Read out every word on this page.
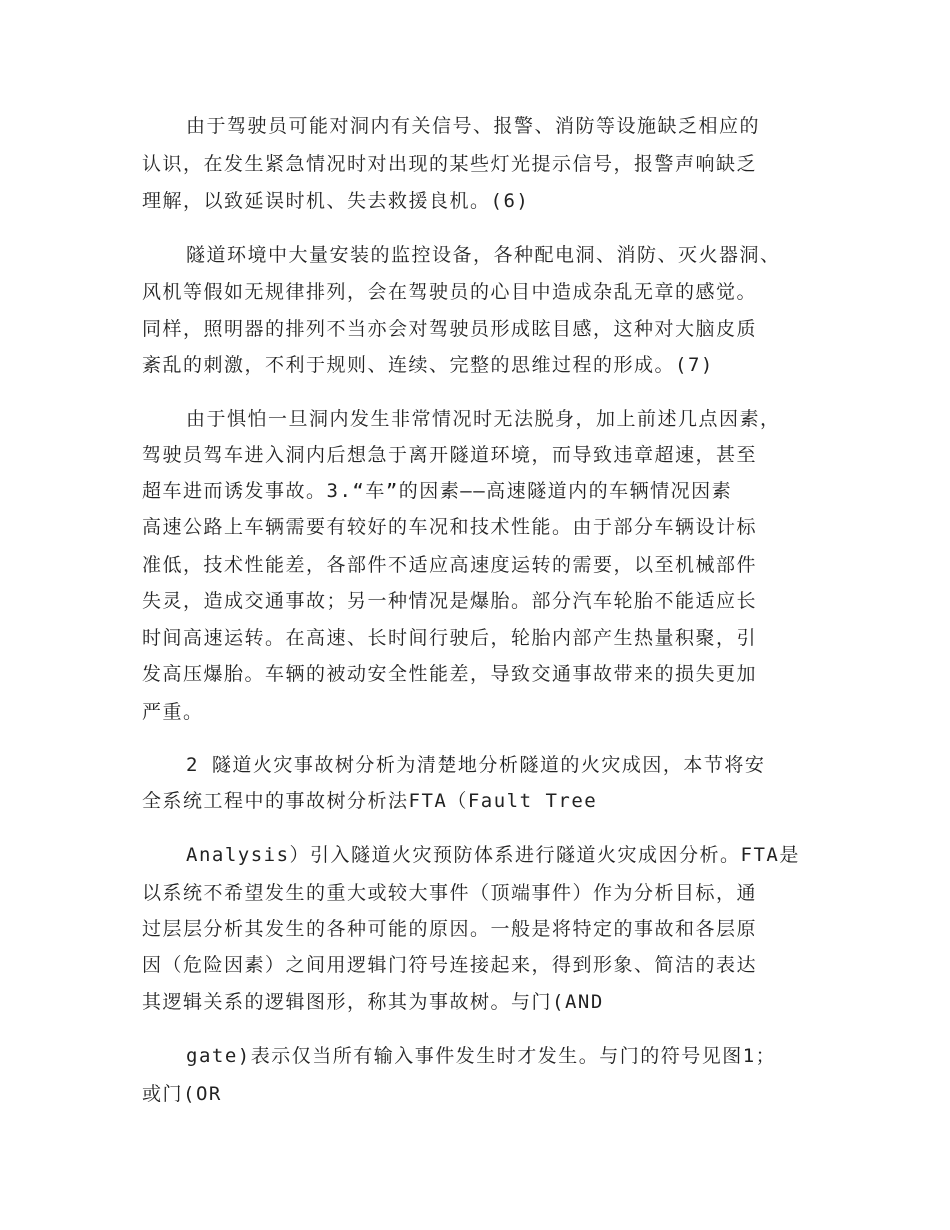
由于驾驶员可能对洞内有关信号、报警、消防等设施缺乏相应的
认识，在发生紧急情况时对出现的某些灯光提示信号，报警声响缺乏
理解，以致延误时机、失去救援良机。(6)
隧道环境中大量安装的监控设备，各种配电洞、消防、灭火器洞、
风机等假如无规律排列，会在驾驶员的心目中造成杂乱无章的感觉。
同样，照明器的排列不当亦会对驾驶员形成眩目感，这种对大脑皮质
紊乱的刺激，不利于规则、连续、完整的思维过程的形成。(7)
由于惧怕一旦洞内发生非常情况时无法脱身，加上前述几点因素，
驾驶员驾车进入洞内后想急于离开隧道环境，而导致违章超速，甚至
超车进而诱发事故。3.“车”的因素——高速隧道内的车辆情况因素
高速公路上车辆需要有较好的车况和技术性能。由于部分车辆设计标
准低，技术性能差，各部件不适应高速度运转的需要，以至机械部件
失灵，造成交通事故；另一种情况是爆胎。部分汽车轮胎不能适应长
时间高速运转。在高速、长时间行驶后，轮胎内部产生热量积聚，引
发高压爆胎。车辆的被动安全性能差，导致交通事故带来的损失更加
严重。
2 隧道火灾事故树分析为清楚地分析隧道的火灾成因，本节将安
全系统工程中的事故树分析法FTA（Fault Tree
Analysis）引入隧道火灾预防体系进行隧道火灾成因分析。FTA是
以系统不希望发生的重大或较大事件（顶端事件）作为分析目标，通
过层层分析其发生的各种可能的原因。一般是将特定的事故和各层原
因（危险因素）之间用逻辑门符号连接起来，得到形象、简洁的表达
其逻辑关系的逻辑图形，称其为事故树。与门(AND
gate)表示仅当所有输入事件发生时才发生。与门的符号见图1；
或门(OR
